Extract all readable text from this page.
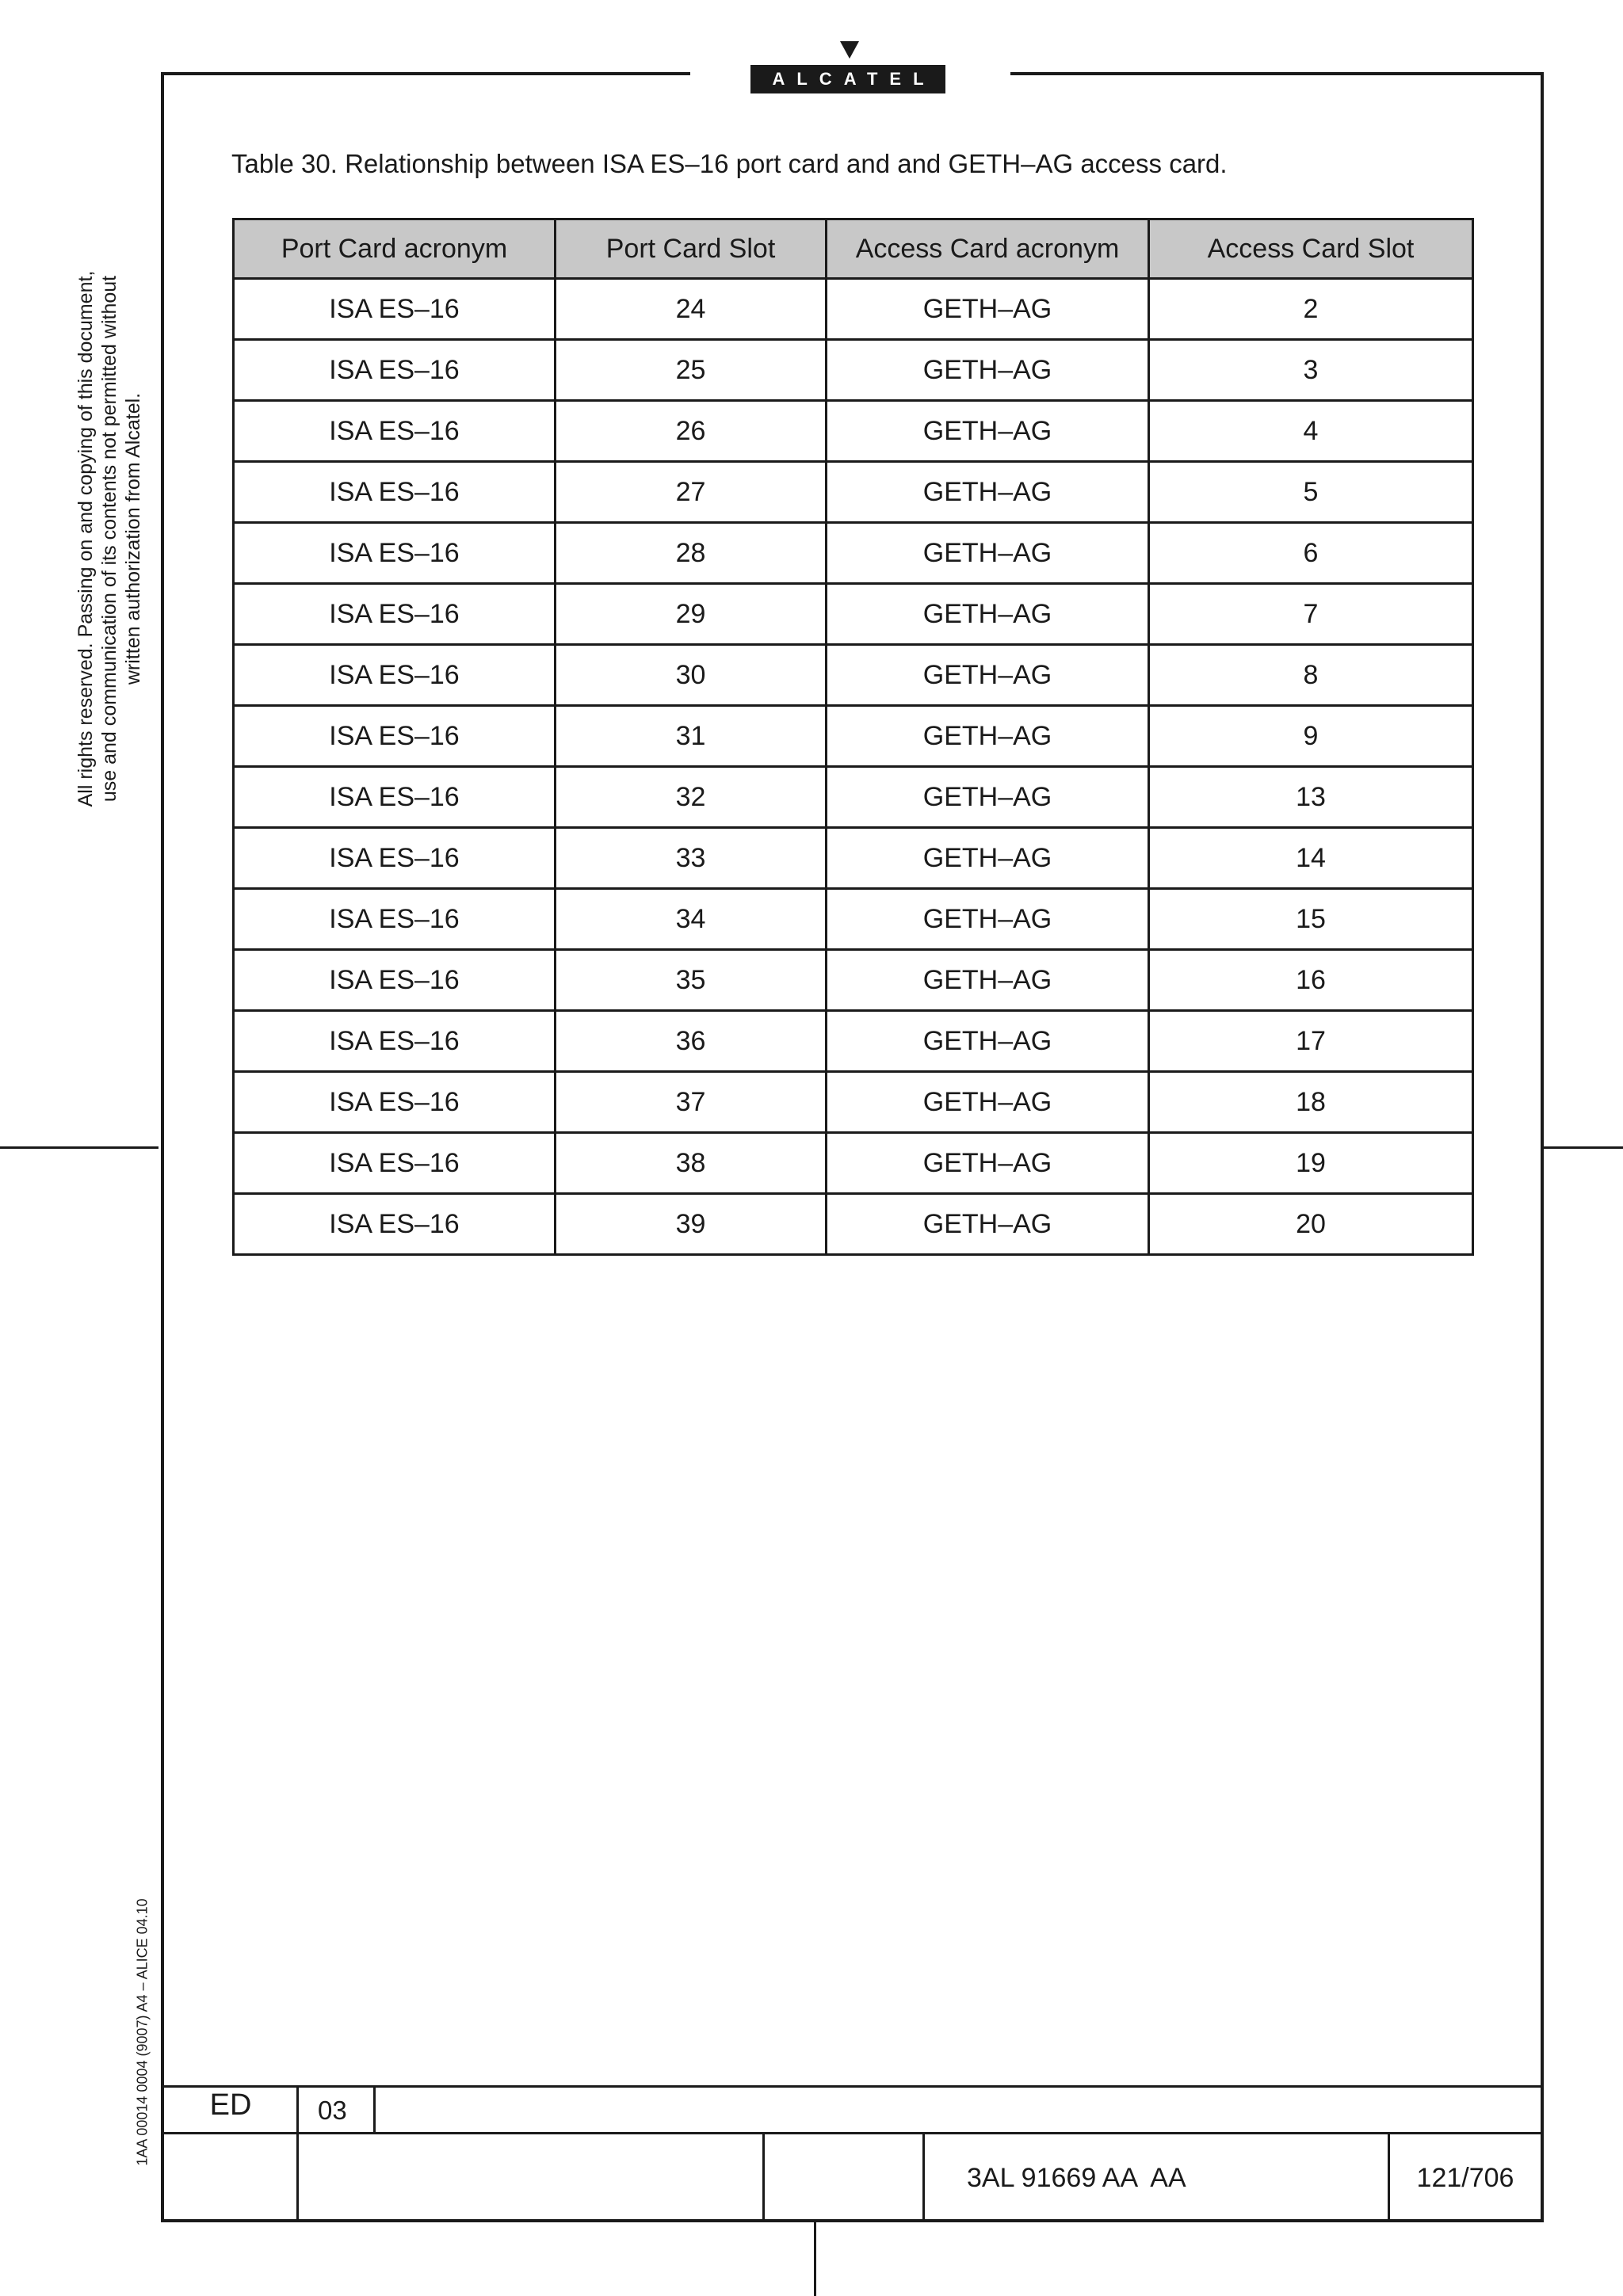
ALCATEL
All rights reserved. Passing on and copying of this document, use and communication of its contents not permitted without written authorization from Alcatel.
1AA 00014 0004 (9007) A4 – ALICE 04.10
Table 30. Relationship between ISA ES–16 port card and and GETH–AG access card.
Port Card acronym	Port Card Slot	Access Card acronym	Access Card Slot
ISA ES–16	24	GETH–AG	2
ISA ES–16	25	GETH–AG	3
ISA ES–16	26	GETH–AG	4
ISA ES–16	27	GETH–AG	5
ISA ES–16	28	GETH–AG	6
ISA ES–16	29	GETH–AG	7
ISA ES–16	30	GETH–AG	8
ISA ES–16	31	GETH–AG	9
ISA ES–16	32	GETH–AG	13
ISA ES–16	33	GETH–AG	14
ISA ES–16	34	GETH–AG	15
ISA ES–16	35	GETH–AG	16
ISA ES–16	36	GETH–AG	17
ISA ES–16	37	GETH–AG	18
ISA ES–16	38	GETH–AG	19
ISA ES–16	39	GETH–AG	20
ED	03
3AL 91669 AA  AA	121/706
